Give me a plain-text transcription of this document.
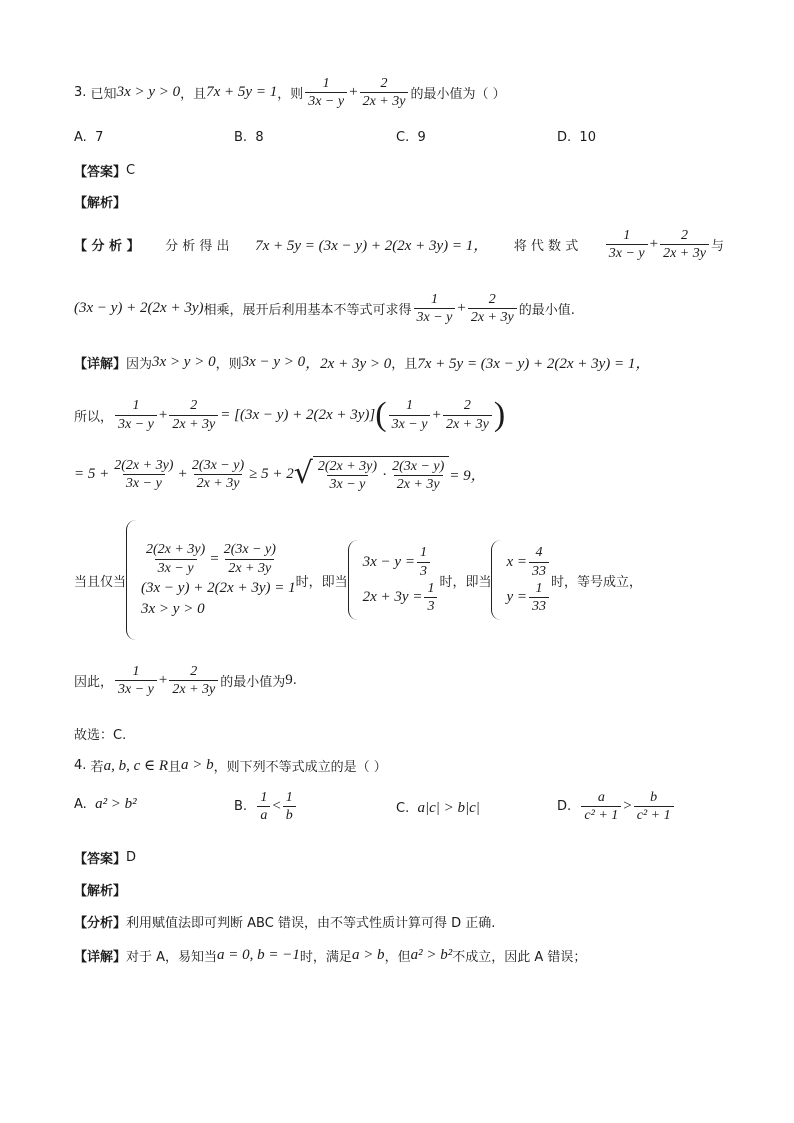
3.
已知 3x > y > 0 ，且 7x + 5y = 1 ，则 $\frac{1}{3x - y} + \frac{2}{2x + 3y}$ 的最小值为（ ）
A.
7	B.
8	C.
9	D.
10
【答案】 C
【解析】
【 分 析 】 分 析 得 出 7x + 5y = (3x − y) + 2(2x + 3y) = 1， 将 代 数 式 $\frac{1}{3x - y} + \frac{2}{2x + 3y}$ 与
(3x − y) + 2(2x + 3y) 相乘，展开后利用基本不等式可求得 $\frac{1}{3x - y} + \frac{2}{2x + 3y}$ 的最小值.
【详解】 因为 3x > y > 0 ，则 3x − y > 0 ，2x + 3y > 0 ，且 7x + 5y = (3x − y) + 2(2x + 3y) = 1，
所以， $\frac{1}{3x - y} + \frac{2}{2x + 3y} = [(3x - y) + 2(2x + 3y)]$ ( $\frac{1}{3x - y} + \frac{2}{2x + 3y}$ )
= $5 + \frac{2(2x + 3y)}{3x - y} + \frac{2(3x - y)}{2x + 3y} \ge 5 + 2$ √ $\frac{2(2x + 3y)}{3x - y} \cdot \frac{2(3x - y)}{2x + 3y} = 9$，
当且仅当
$\frac{2(2x + 3y)}{3x - y} = \frac{2(3x - y)}{2x + 3y}$
(3x − y) + 2(2x + 3y) = 1
3x > y > 0
时，即当
$3x - y = \frac{1}{3}$
$2x + 3y = \frac{1}{3}$ 时，即当
$x = \frac{4}{33}$
$y = \frac{1}{33}$ 时，等号成立，
因此， $\frac{1}{3x - y} + \frac{2}{2x + 3y}$ 的最小值为 9 .
故选：C.
4.
若 a, b, c ∈ R 且 a > b ，则下列不等式成立的是（ ）
A.
a² > b²	B.
$\frac{1}{a} < \frac{1}{b}$	C.
a|c| > b|c|	D.
$\frac{a}{\text{c² + 1}} > \frac{b}{\text{c² + 1}}$
【答案】 D
【解析】
【分析】 利用赋值法即可判断 ABC 错误，由不等式性质计算可得 D 正确.
【详解】 对于 A，易知当 a = 0, b = −1 时，满足 a > b ，但 a² > b² 不成立，因此 A 错误；
